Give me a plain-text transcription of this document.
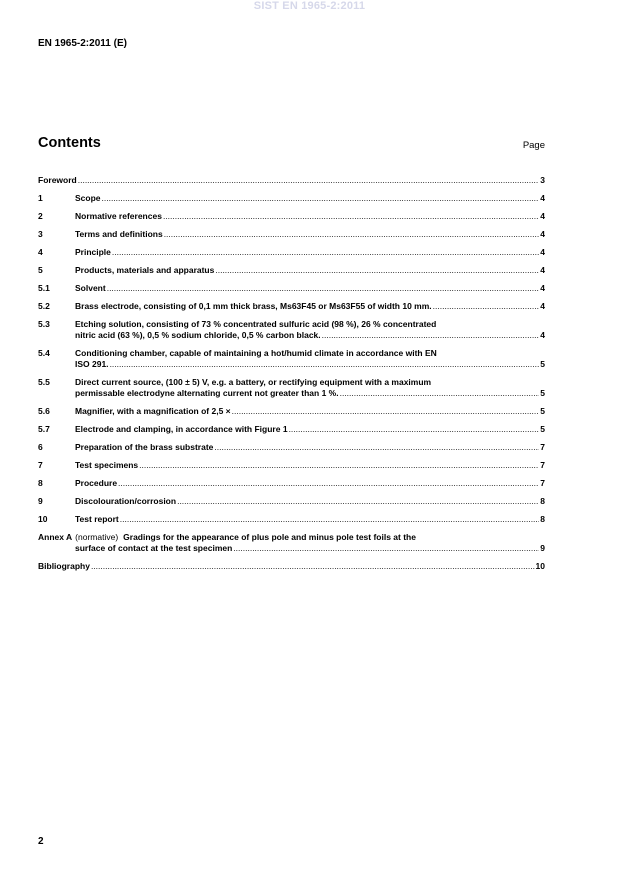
SIST EN 1965-2:2011
EN 1965-2:2011 (E)
Contents	Page
Foreword .....	3
1	Scope .....	4
2	Normative references .....	4
3	Terms and definitions .....	4
4	Principle .....	4
5	Products, materials and apparatus .....	4
5.1	Solvent .....	4
5.2	Brass electrode, consisting of 0,1 mm thick brass, Ms63F45 or Ms63F55 of width 10 mm. .....	4
5.3	Etching solution, consisting of 73 % concentrated sulfuric acid (98 %), 26 % concentrated
nitric acid (63 %), 0,5 % sodium chloride, 0,5 % carbon black. .....	4
5.4	Conditioning chamber, capable of maintaining a hot/humid climate in accordance with EN
ISO 291. .....	5
5.5	Direct current source, (100 ± 5) V, e.g. a battery, or rectifying equipment with a maximum
permissable electrodyne alternating current not greater than 1 %. .....	5
5.6	Magnifier, with a magnification of 2,5 × .....	5
5.7	Electrode and clamping, in accordance with Figure 1 .....	5
6	Preparation of the brass substrate .....	7
7	Test specimens .....	7
8	Procedure .....	7
9	Discolouration/corrosion .....	8
10	Test report .....	8
Annex A (normative) Gradings for the appearance of plus pole and minus pole test foils at the
surface of contact at the test specimen .....	9
Bibliography .....	10
2
